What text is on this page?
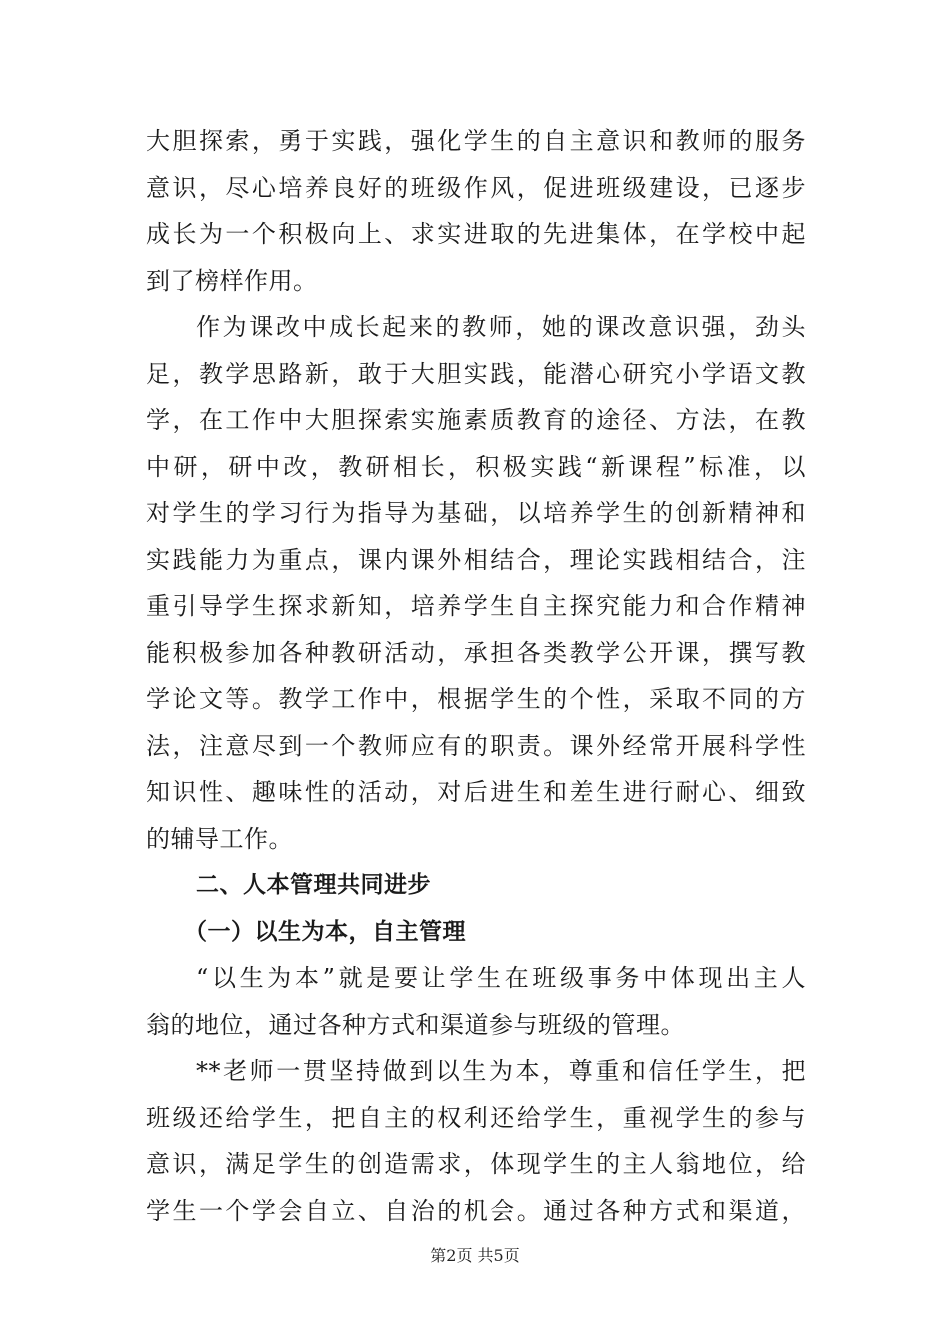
大胆探索，勇于实践，强化学生的自主意识和教师的服务
意识，尽心培养良好的班级作风，促进班级建设，已逐步
成长为一个积极向上、求实进取的先进集体，在学校中起
到了榜样作用。
作为课改中成长起来的教师，她的课改意识强，劲头
足，教学思路新，敢于大胆实践，能潜心研究小学语文教
学，在工作中大胆探索实施素质教育的途径、方法，在教
中研，研中改，教研相长，积极实践“新课程”标准，以
对学生的学习行为指导为基础，以培养学生的创新精神和
实践能力为重点，课内课外相结合，理论实践相结合，注
重引导学生探求新知，培养学生自主探究能力和合作精神
能积极参加各种教研活动，承担各类教学公开课，撰写教
学论文等。教学工作中，根据学生的个性，采取不同的方
法，注意尽到一个教师应有的职责。课外经常开展科学性
知识性、趣味性的活动，对后进生和差生进行耐心、细致
的辅导工作。
二、人本管理共同进步
（一）以生为本，自主管理
“以生为本”就是要让学生在班级事务中体现出主人
翁的地位，通过各种方式和渠道参与班级的管理。
**老师一贯坚持做到以生为本，尊重和信任学生，把
班级还给学生，把自主的权利还给学生，重视学生的参与
意识，满足学生的创造需求，体现学生的主人翁地位，给
学生一个学会自立、自治的机会。通过各种方式和渠道，
第2页 共5页
